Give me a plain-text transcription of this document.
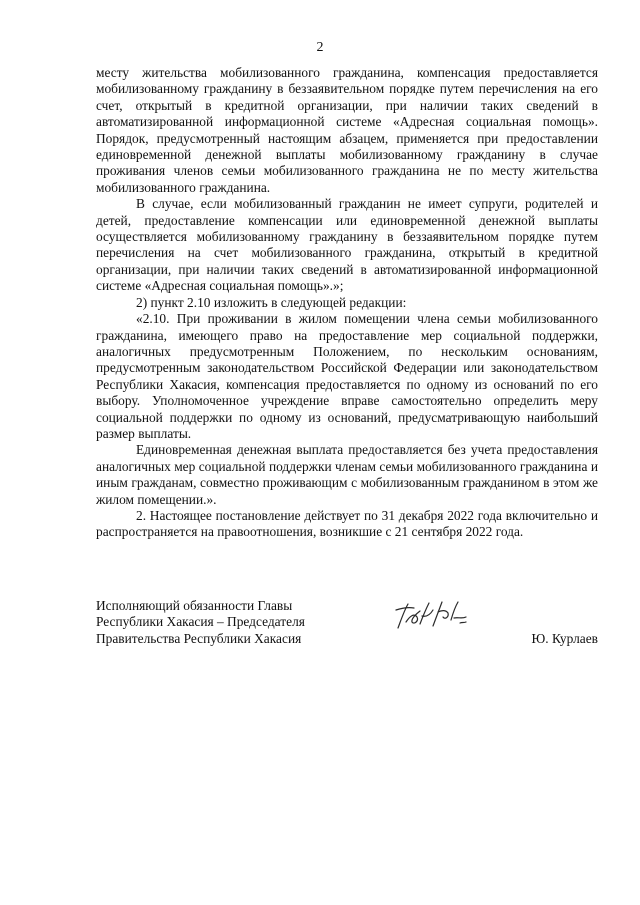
2

месту жительства мобилизованного гражданина, компенсация предоставляется мобилизованному гражданину в беззаявительном порядке путем перечисления на его счет, открытый в кредитной организации, при наличии таких сведений в автоматизированной информационной системе «Адресная социальная помощь». Порядок, предусмотренный настоящим абзацем, применяется при предоставлении единовременной денежной выплаты мобилизованному гражданину в случае проживания членов семьи мобилизованного гражданина не по месту жительства мобилизованного гражданина.

В случае, если мобилизованный гражданин не имеет супруги, родителей и детей, предоставление компенсации или единовременной денежной выплаты осуществляется мобилизованному гражданину в беззаявительном порядке путем перечисления на счет мобилизованного гражданина, открытый в кредитной организации, при наличии таких сведений в автоматизированной информационной системе «Адресная социальная помощь».»;

2) пункт 2.10 изложить в следующей редакции:

«2.10. При проживании в жилом помещении члена семьи мобилизованного гражданина, имеющего право на предоставление мер социальной поддержки, аналогичных предусмотренным Положением, по нескольким основаниям, предусмотренным законодательством Российской Федерации или законодательством Республики Хакасия, компенсация предоставляется по одному из оснований по его выбору. Уполномоченное учреждение вправе самостоятельно определить меру социальной поддержки по одному из оснований, предусматривающую наибольший размер выплаты.

Единовременная денежная выплата предоставляется без учета предоставления аналогичных мер социальной поддержки членам семьи мобилизованного гражданина и иным гражданам, совместно проживающим с мобилизованным гражданином в этом же жилом помещении.».

2. Настоящее постановление действует по 31 декабря 2022 года включительно и распространяется на правоотношения, возникшие с 21 сентября 2022 года.

Исполняющий обязанности Главы
Республики Хакасия – Председателя
Правительства Республики Хакасия	Ю. Курлаев
